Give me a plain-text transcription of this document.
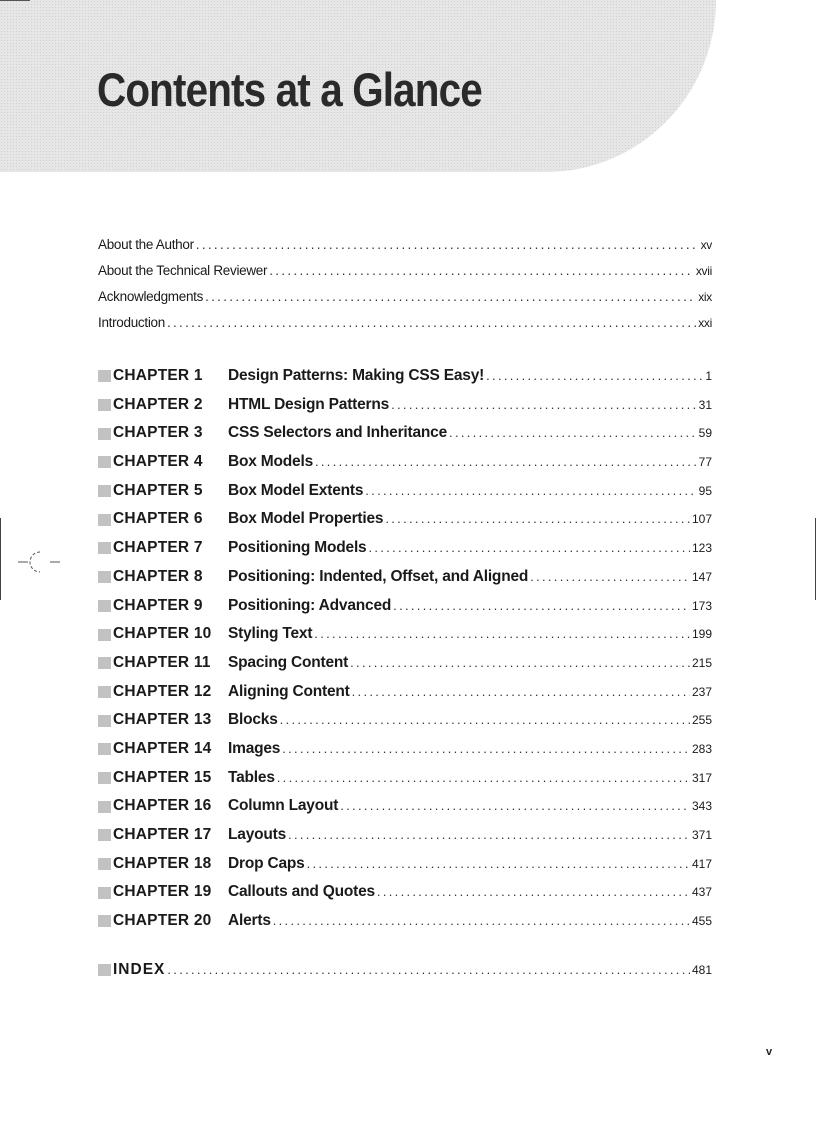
Contents at a Glance
About the Author .....	xv
About the Technical Reviewer .....	xvii
Acknowledgments .....	xix
Introduction .....	xxi
CHAPTER 1 Design Patterns: Making CSS Easy! .....	1
CHAPTER 2 HTML Design Patterns .....	31
CHAPTER 3 CSS Selectors and Inheritance .....	59
CHAPTER 4 Box Models .....	77
CHAPTER 5 Box Model Extents .....	95
CHAPTER 6 Box Model Properties .....	107
CHAPTER 7 Positioning Models .....	123
CHAPTER 8 Positioning: Indented, Offset, and Aligned .....	147
CHAPTER 9 Positioning: Advanced .....	173
CHAPTER 10 Styling Text .....	199
CHAPTER 11 Spacing Content .....	215
CHAPTER 12 Aligning Content .....	237
CHAPTER 13 Blocks .....	255
CHAPTER 14 Images .....	283
CHAPTER 15 Tables .....	317
CHAPTER 16 Column Layout .....	343
CHAPTER 17 Layouts .....	371
CHAPTER 18 Drop Caps .....	417
CHAPTER 19 Callouts and Quotes .....	437
CHAPTER 20 Alerts .....	455
INDEX .....	481
v
